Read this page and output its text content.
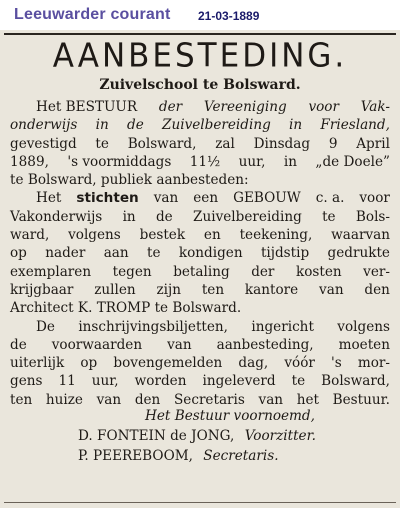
Leeuwarder courant 21-03-1889
AANBESTEDING.
Zuivelschool te Bolsward.
Het BESTUUR der Vereeniging voor Vak-
onderwijs in de Zuivelbereiding in Friesland,
gevestigd te Bolsward, zal Dinsdag 9 April
1889, 's voormiddags 11½ uur, in „de Doele”
te Bolsward, publiek aanbesteden:
Het stichten van een GEBOUW c. a. voor
Vakonderwijs in de Zuivelbereiding te Bols-
ward, volgens bestek en teekening, waarvan
op nader aan te kondigen tijdstip gedrukte
exemplaren tegen betaling der kosten ver-
krijgbaar zullen zijn ten kantore van den
Architect K. TROMP te Bolsward.
De inschrijvingsbiljetten, ingericht volgens
de voorwaarden van aanbesteding, moeten
uiterlijk op bovengemelden dag, vóór 's mor-
gens 11 uur, worden ingeleverd te Bolsward,
ten huize van den Secretaris van het Bestuur.
Het Bestuur voornoemd,
D. FONTEIN de JONG, Voorzitter.
P. PEEREBOOM, Secretaris.
